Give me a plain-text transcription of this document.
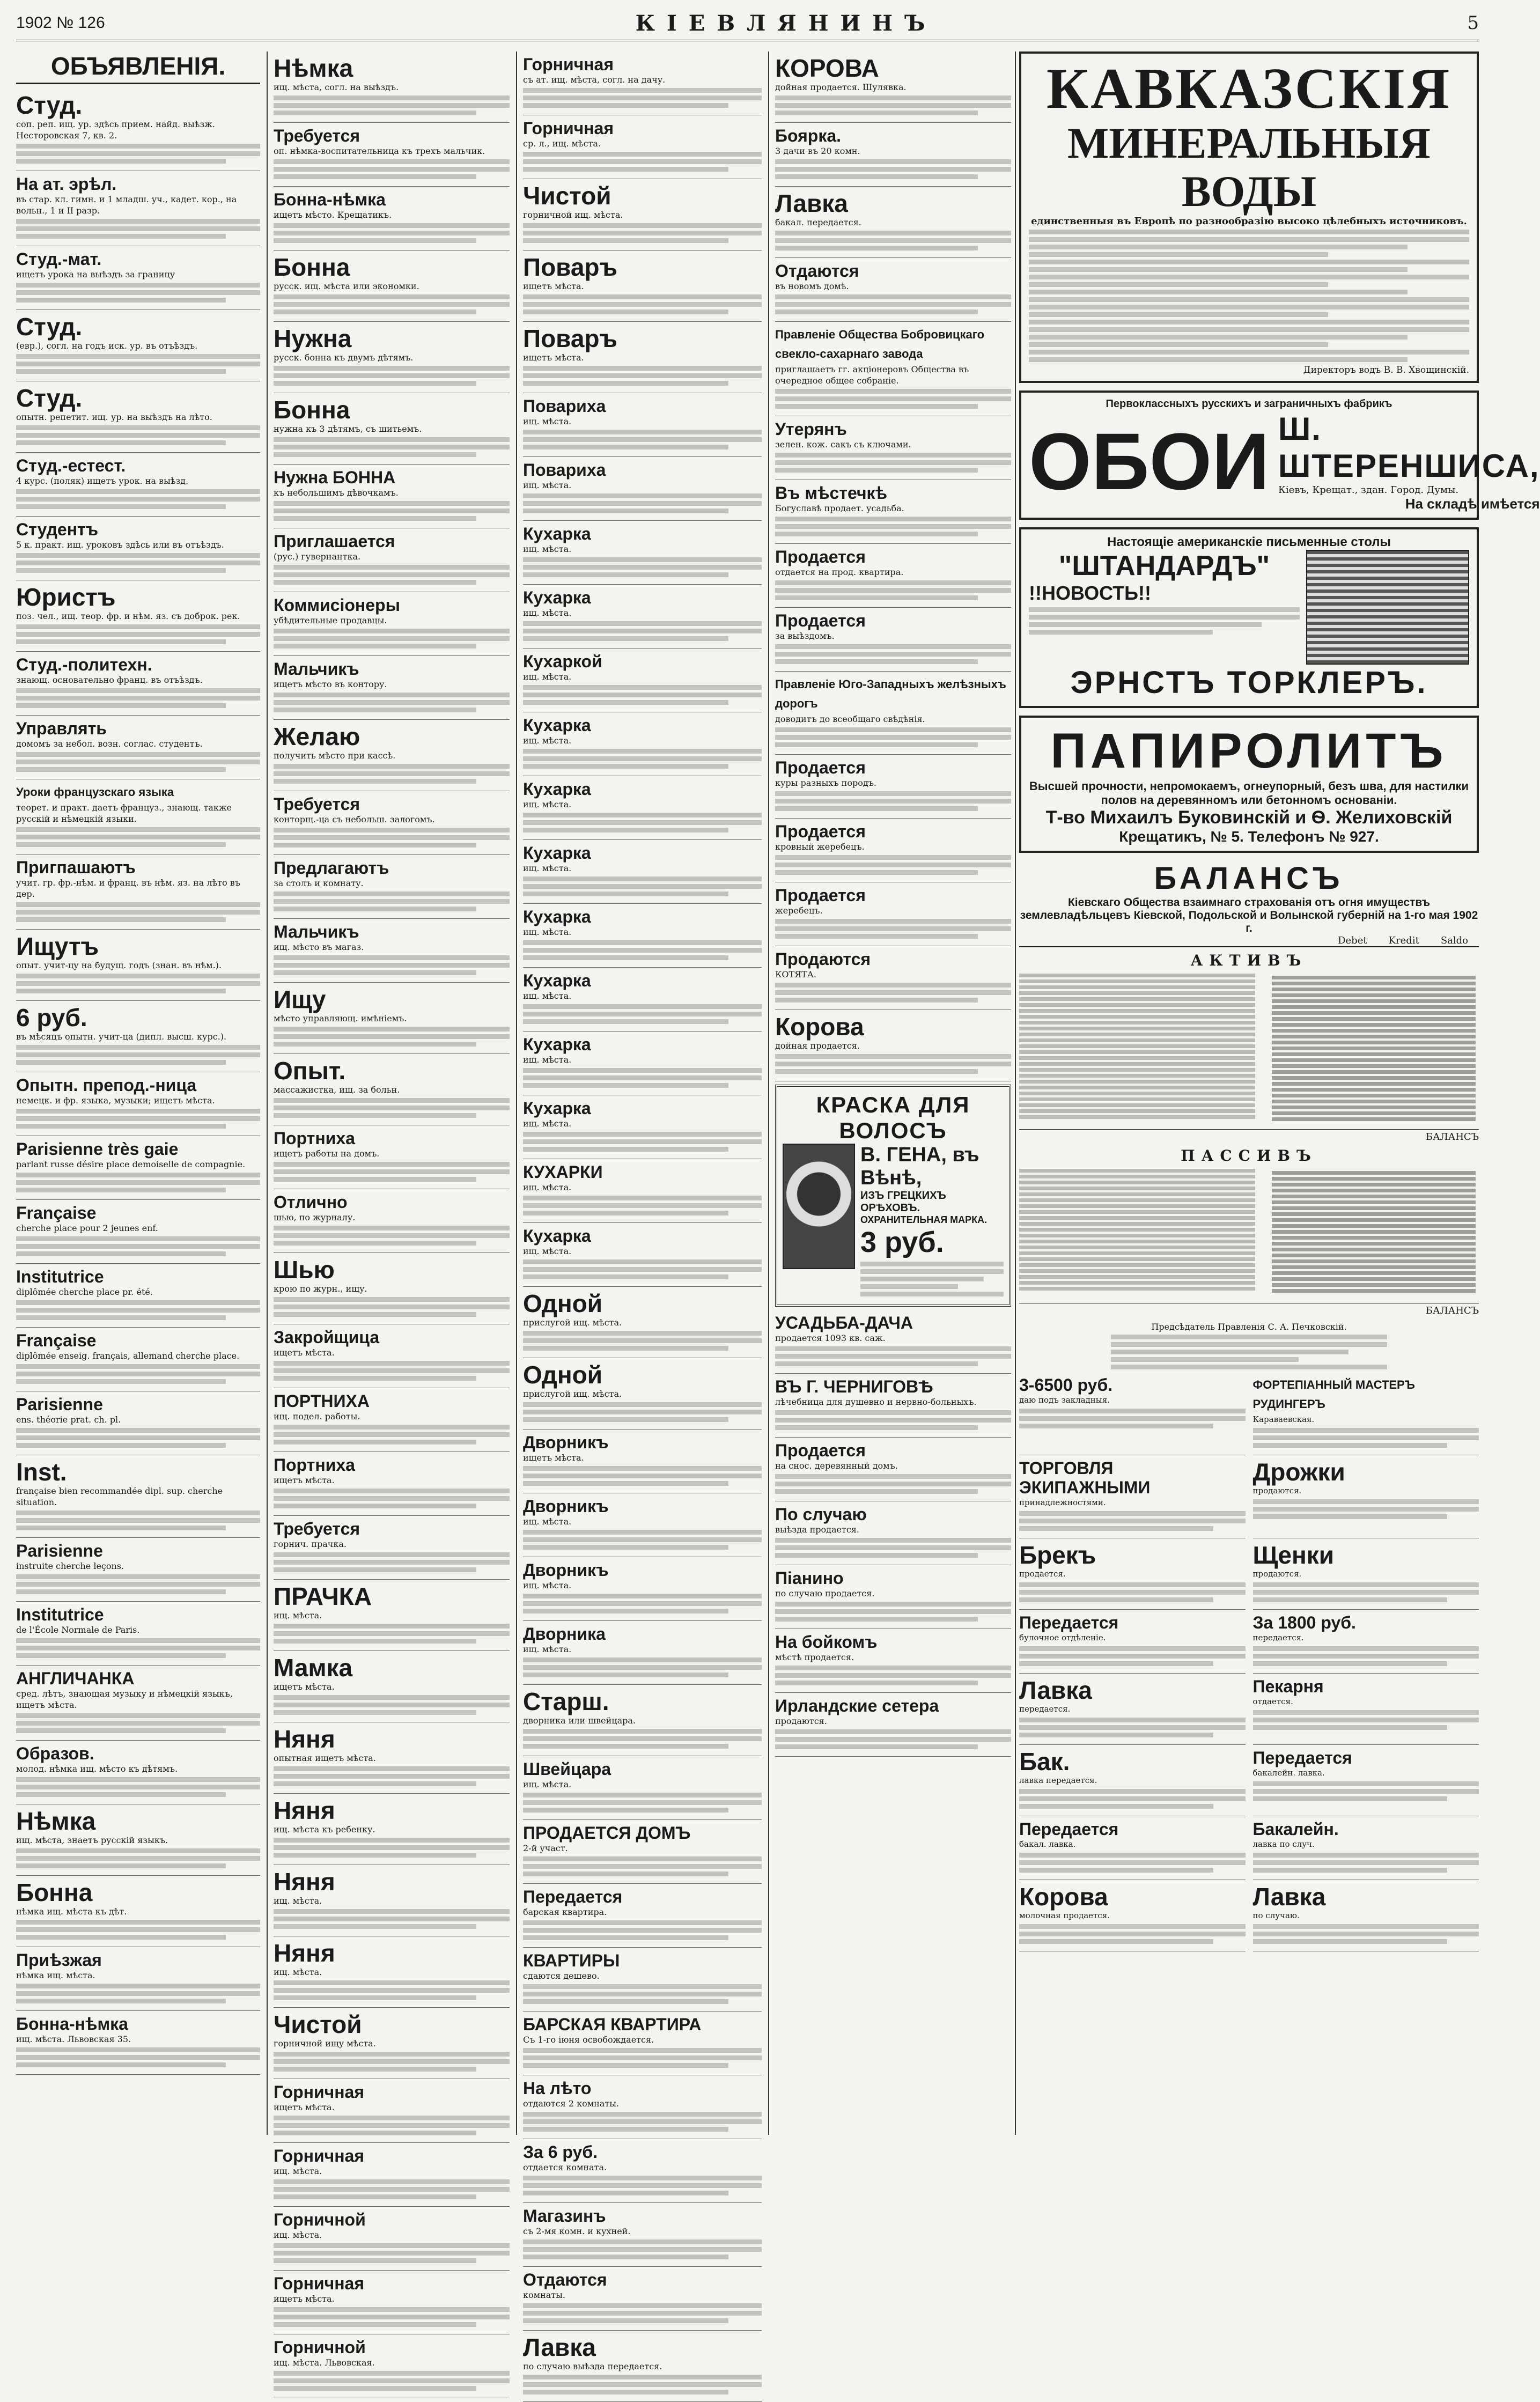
1902 № 126	КІЕВЛЯНИНЪ	5
ОБЪЯВЛЕНІЯ.
Студ.
соп. реп. ищ. ур. здѣсь прием. найд. выѣзж. Несторовская 7, кв. 2.
На ат. эрѣл.
въ стар. кл. гимн. и 1 младш. уч., кадет. кор., на вольн., 1 и II разр.
Студ.-мат.
ищетъ урока на выѣздъ за границу
Студ.
(евр.), согл. на годъ иск. ур. въ отъѣздъ.
Студ.
опытн. репетит. ищ. ур. на выѣздъ на лѣто.
Студ.-естест.
4 курс. (поляк) ищетъ урок. на выѣзд.
Студентъ
5 к. практ. ищ. уроковъ здѣсь или въ отъѣздъ.
Юристъ
поз. чел., ищ. теор. фр. и нѣм. яз. съ доброк. рек.
Студ.-политехн.
знающ. основательно франц. въ отъѣздъ.
Управлять
домомъ за небол. возн. соглас. студентъ.
Уроки французскаго языка
теорет. и практ. даетъ француз., знающ. также русскій и нѣмецкій языки.
Пригпашаютъ
учит. гр. фр.-нѣм. и франц. въ нѣм. яз. на лѣто въ дер.
Ищутъ
опыт. учит-цу на будущ. годъ (знан. въ нѣм.).
6 руб.
въ мѣсяцъ опытн. учит-ца (дипл. высш. курс.).
Опытн. препод.-ница
немецк. и фр. языка, музыки; ищетъ мѣста.
Parisienne très gaie
parlant russe désire place demoiselle de compagnie.
Française
cherche place pour 2 jeunes enf.
Institutrice
diplômée cherche place pr. été.
Française
diplômée enseig. français, allemand cherche place.
Parisienne
ens. théorie prat. ch. pl.
Inst.
française bien recommandée dipl. sup. cherche situation.
Parisienne
instruite cherche leçons.
Institutrice
de l'École Normale de Paris.
АНГЛИЧАНКА
сред. лѣтъ, знающая музыку и нѣмецкій языкъ, ищетъ мѣста.
Образов.
молод. нѣмка ищ. мѣсто къ дѣтямъ.
Нѣмка
ищ. мѣста, знаетъ русскій языкъ.
Бонна
нѣмка ищ. мѣста къ дѣт.
Приѣзжая
нѣмка ищ. мѣста.
Бонна-нѣмка
ищ. мѣста. Львовская 35.
Нѣмка
ищ. мѣста, согл. на выѣздъ.
Требуется
оп. нѣмка-воспитательница къ трехъ мальчик.
Бонна-нѣмка
ищетъ мѣсто. Крещатикъ.
Бонна
русск. ищ. мѣста или экономки.
Нужна
русск. бонна къ двумъ дѣтямъ.
Бонна
нужна къ 3 дѣтямъ, съ шитьемъ.
Нужна БОННА
къ небольшимъ дѣвочкамъ.
Приглашается
(рус.) гувернантка.
Коммисіонеры
убѣдительные продавцы.
Мальчикъ
ищетъ мѣсто въ контору.
Желаю
получить мѣсто при кассѣ.
Требуется
конторщ.-ца съ небольш. залогомъ.
Предлагаютъ
за столъ и комнату.
Мальчикъ
ищ. мѣсто въ магаз.
Ищу
мѣсто управляющ. имѣніемъ.
Опыт.
массажистка, ищ. за больн.
Портниха
ищетъ работы на домъ.
Отлично
шью, по журналу.
Шью
крою по журн., ищу.
Закройщица
ищетъ мѣста.
ПОРТНИХА
ищ. подел. работы.
Портниха
ищетъ мѣста.
Требуется
горнич. прачка.
ПРАЧКА
ищ. мѣста.
Мамка
ищетъ мѣста.
Няня
опытная ищетъ мѣста.
Няня
ищ. мѣста къ ребенку.
Няня
ищ. мѣста.
Няня
ищ. мѣста.
Чистой
горничной ищу мѣста.
Горничная
ищетъ мѣста.
Горничная
ищ. мѣста.
Горничной
ищ. мѣста.
Горничная
ищетъ мѣста.
Горничной
ищ. мѣста. Львовская.
Горничная
съ ат. ищ. мѣста, согл. на дачу.
Горничная
ср. л., ищ. мѣста.
Чистой
горничной ищ. мѣста.
Поваръ
ищетъ мѣста.
Поваръ
ищетъ мѣста.
Повариха
ищ. мѣста.
Повариха
ищ. мѣста.
Кухарка
ищ. мѣста.
Кухарка
ищ. мѣста.
Кухаркой
ищ. мѣста.
Кухарка
ищ. мѣста.
Кухарка
ищ. мѣста.
Кухарка
ищ. мѣста.
Кухарка
ищ. мѣста.
Кухарка
ищ. мѣста.
Кухарка
ищ. мѣста.
Кухарка
ищ. мѣста.
КУХАРКИ
ищ. мѣста.
Кухарка
ищ. мѣста.
Одной
прислугой ищ. мѣста.
Одной
прислугой ищ. мѣста.
Дворникъ
ищетъ мѣста.
Дворникъ
ищ. мѣста.
Дворникъ
ищ. мѣста.
Дворника
ищ. мѣста.
Старш.
дворника или швейцара.
Швейцара
ищ. мѣста.
ПРОДАЕТСЯ ДОМЪ
2-й участ.
Передается
барская квартира.
КВАРТИРЫ
сдаются дешево.
БАРСКАЯ КВАРТИРА
Съ 1-го іюня освобождается.
На лѣто
отдаются 2 комнаты.
За 6 руб.
отдается комната.
Магазинъ
съ 2-мя комн. и кухней.
Отдаются
комнаты.
Лавка
по случаю выѣзда передается.
КОРОВА
дойная продается. Шулявка.
Боярка.
3 дачи въ 20 комн.
Лавка
бакал. передается.
Отдаются
въ новомъ домѣ.
Правленіе Общества Бобровицкаго свекло-сахарнаго завода
приглашаетъ гг. акціонеровъ Общества въ очередное общее собраніе.
Утерянъ
зелен. кож. сакъ съ ключами.
Въ мѣстечкѣ
Богуславѣ продает. усадьба.
Продается
отдается на прод. квартира.
Продается
за выѣздомъ.
Правленіе Юго-Западныхъ желѣзныхъ дорогъ
доводитъ до всеобщаго свѣдѣнія.
Продается
куры разныхъ породъ.
Продается
кровный жеребецъ.
Продается
жеребецъ.
Продаются
КОТЯТА.
Корова
дойная продается.
КРАСКА ДЛЯ ВОЛОСЪ
В. ГЕНА, въ Вѣнѣ,
ИЗЪ ГРЕЦКИХЪ ОРѢХОВЪ.
ОХРАНИТЕЛЬНАЯ МАРКА.
3 руб.
УСАДЬБА-ДАЧА
продается 1093 кв. саж.
ВЪ Г. ЧЕРНИГОВѢ
лѣчебница для душевно и нервно-больныхъ.
Продается
на снос. деревянный домъ.
По случаю
выѣзда продается.
Піанино
по случаю продается.
На бойкомъ
мѣстѣ продается.
Ирландские сетера
продаются.
КАВКАЗСКІЯ
МИНЕРАЛЬНЫЯ ВОДЫ
единственныя въ Европѣ по разнообразію высоко цѣлебныхъ источниковъ.
Директоръ водъ В. В. Хвощинскій.
Первоклассныхъ русскихъ и заграничныхъ фабрикъ
ОБОИ Ш. ШТЕРЕНШИСА,
Кіевъ, Крещат., здан. Город. Думы.
На складѣ имѣется
Настоящіе американскіе письменные столы
"ШТАНДАРДЪ"
!!НОВОСТЬ!!
ЭРНСТЪ ТОРКЛЕРЪ.
ПАПИРОЛИТЪ
Высшей прочности, непромокаемъ, огнеупорный, безъ шва, для настилки полов на деревянномъ или бетонномъ основаніи.
Т-во Михаилъ Буковинскій и Ѳ. Желиховскій
Крещатикъ, № 5. Телефонъ № 927.
БАЛАНСЪ
Кіевскаго Общества взаимнаго страхованія отъ огня имуществъ землевладѣльцевъ Кіевской, Подольской и Волынской губерній на 1-го мая 1902 г.
Debet Kredit Saldo
АКТИВЪ
БАЛАНСЪ
ПАССИВЪ
БАЛАНСЪ
Предсѣдатель Правленія С. А. Печковскій.
3-6500 руб.
даю подъ закладныя.
ФОРТЕПІАННЫЙ МАСТЕРЪ РУДИНГЕРЪ
Караваевская.
ТОРГОВЛЯ ЭКИПАЖНЫМИ
принадлежностями.
Дрожки
продаются.
Брекъ
продается.
Щенки
продаются.
Передается
булочное отдѣленіе.
За 1800 руб.
передается.
Лавка
передается.
Пекарня
отдается.
Бак.
лавка передается.
Передается
бакалейн. лавка.
Передается
бакал. лавка.
Бакалейн.
лавка по случ.
Корова
молочная продается.
Лавка
по случаю.
